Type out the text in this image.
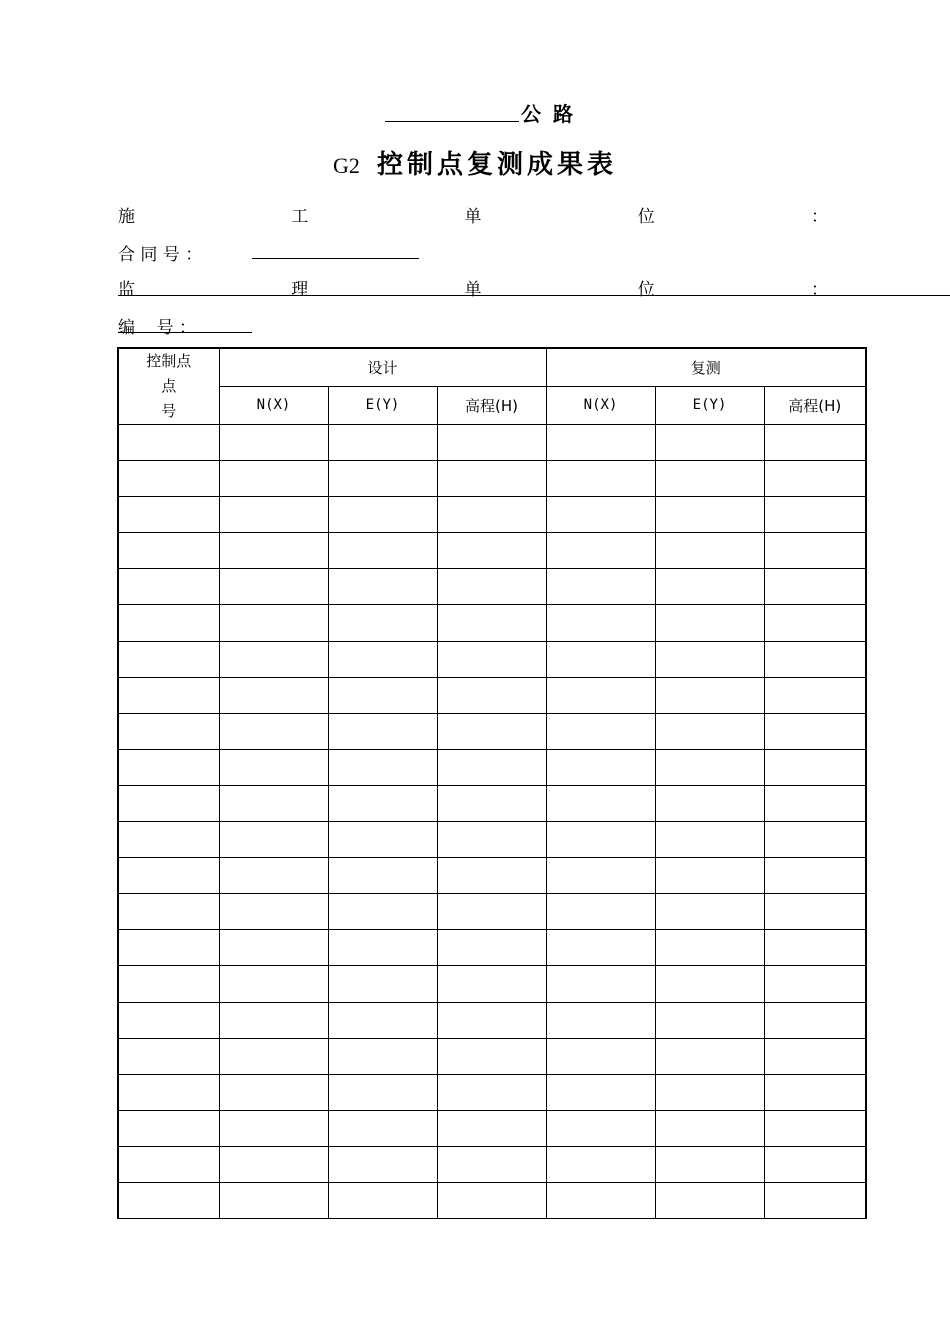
公路
G2 控制点复测成果表
施	工	单	位	：
合 同 号 ：
监	理	单	位	：
编    号 ：
控制点
点号	设计			复测		
	N(X)	E(Y)	高程(H)	N(X)	E(Y)	高程(H)
